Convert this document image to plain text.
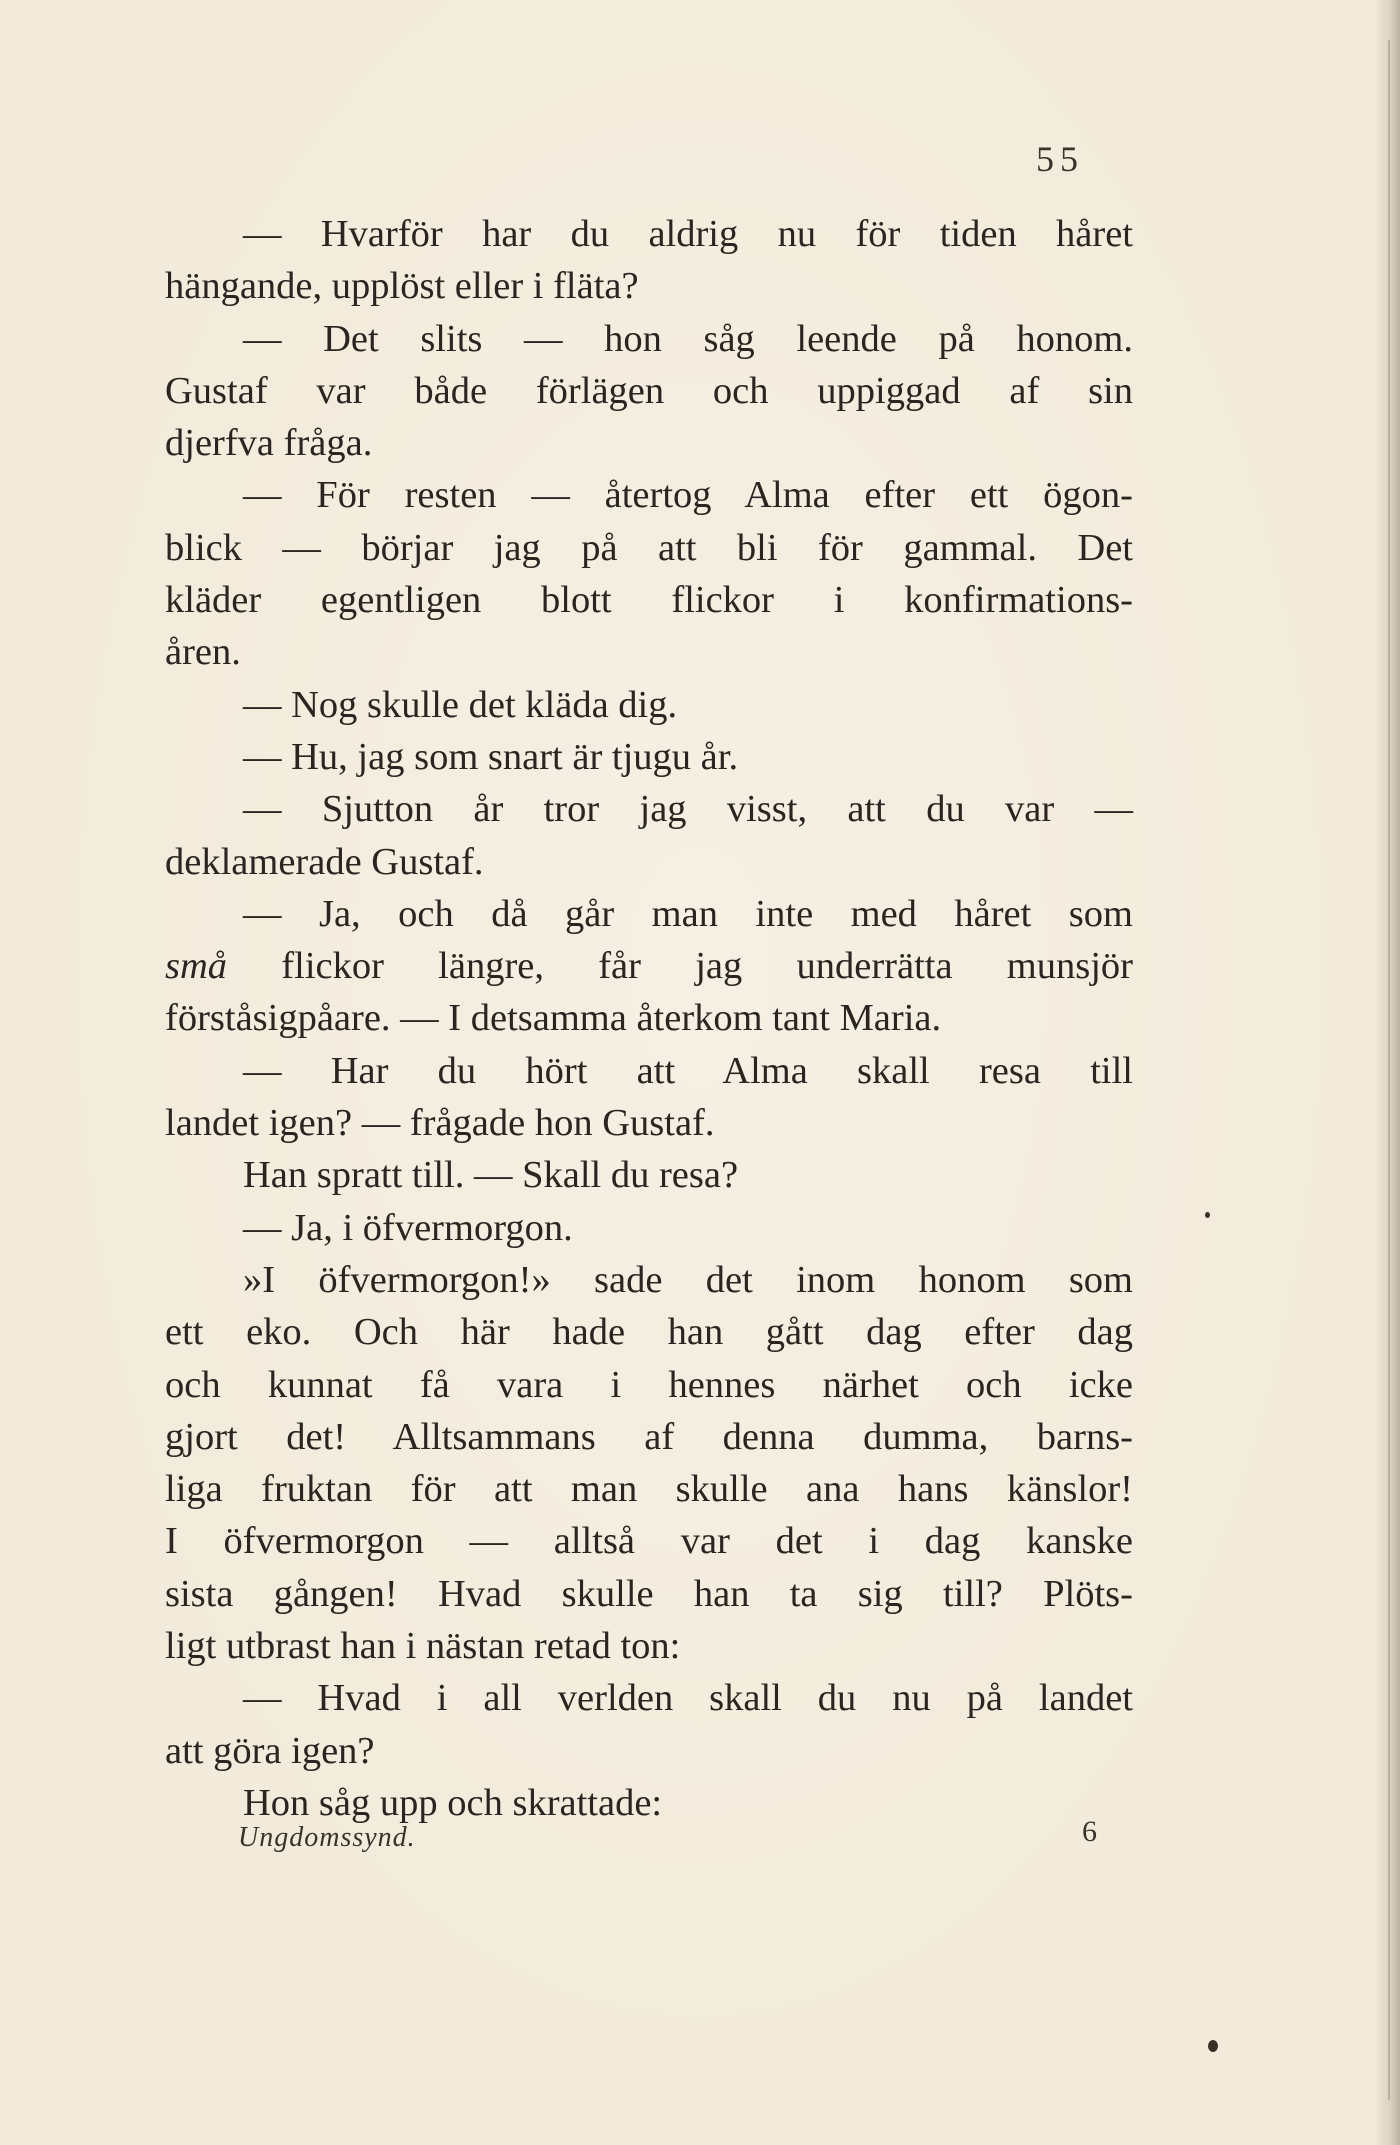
55
— Hvarför har du aldrig nu för tiden håret
hängande, upplöst eller i fläta?
— Det slits — hon såg leende på honom.
Gustaf var både förlägen och uppiggad af sin
djerfva fråga.
— För resten — återtog Alma efter ett ögon-
blick — börjar jag på att bli för gammal. Det
kläder egentligen blott flickor i konfirmations-
åren.
— Nog skulle det kläda dig.
— Hu, jag som snart är tjugu år.
— Sjutton år tror jag visst, att du var —
deklamerade Gustaf.
— Ja, och då går man inte med håret som
små flickor längre, får jag underrätta munsjör
förståsigpåare. — I detsamma återkom tant Maria.
— Har du hört att Alma skall resa till
landet igen? — frågade hon Gustaf.
Han spratt till. — Skall du resa?
— Ja, i öfvermorgon.
»I öfvermorgon!» sade det inom honom som
ett eko. Och här hade han gått dag efter dag
och kunnat få vara i hennes närhet och icke
gjort det! Alltsammans af denna dumma, barns-
liga fruktan för att man skulle ana hans känslor!
I öfvermorgon — alltså var det i dag kanske
sista gången! Hvad skulle han ta sig till? Plöts-
ligt utbrast han i nästan retad ton:
— Hvad i all verlden skall du nu på landet
att göra igen?
Hon såg upp och skrattade:
Ungdomssynd.	6
